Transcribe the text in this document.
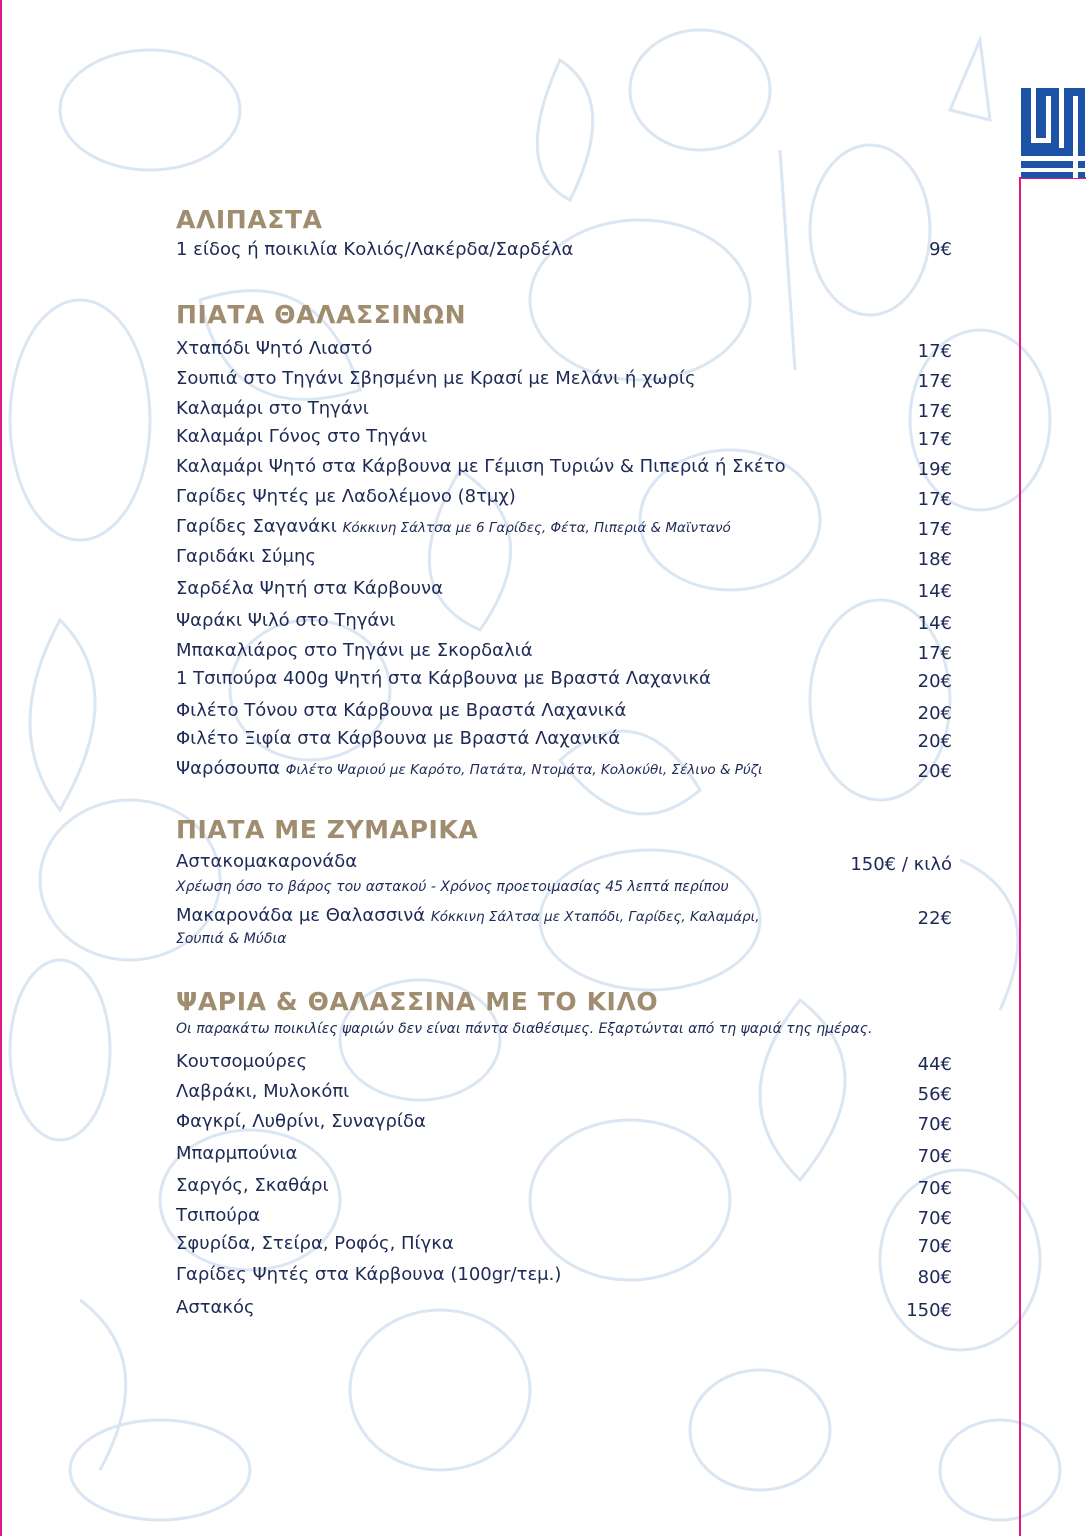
ΑΛΙΠΑΣΤΑ
1 είδος ή ποικιλία Κολιός/Λακέρδα/Σαρδέλα	9€
ΠΙΑΤΑ ΘΑΛΑΣΣΙΝΩΝ
Χταπόδι Ψητό Λιαστό	17€
Σουπιά στο Τηγάνι Σβησμένη με Κρασί με Μελάνι ή χωρίς	17€
Καλαμάρι στο Τηγάνι	17€
Καλαμάρι Γόνος στο Τηγάνι	17€
Καλαμάρι Ψητό στα Κάρβουνα με Γέμιση Τυριών & Πιπεριά ή Σκέτο	19€
Γαρίδες Ψητές με Λαδολέμονο (8τμχ)	17€
Γαρίδες Σαγανάκι Κόκκινη Σάλτσα με 6 Γαρίδες, Φέτα, Πιπεριά & Μαϊντανό	17€
Γαριδάκι Σύμης	18€
Σαρδέλα Ψητή στα Κάρβουνα	14€
Ψαράκι Ψιλό στο Τηγάνι	14€
Μπακαλιάρος στο Τηγάνι με Σκορδαλιά	17€
1 Τσιπούρα 400g Ψητή στα Κάρβουνα με Βραστά Λαχανικά	20€
Φιλέτο Τόνου στα Κάρβουνα με Βραστά Λαχανικά	20€
Φιλέτο Ξιφία στα Κάρβουνα με Βραστά Λαχανικά	20€
Ψαρόσουπα Φιλέτο Ψαριού με Καρότο, Πατάτα, Ντομάτα, Κολοκύθι, Σέλινο & Ρύζι	20€
ΠΙΑΤΑ ΜΕ ΖΥΜΑΡΙΚΑ
Αστακομακαρονάδα	150€ / κιλό
Χρέωση όσο το βάρος του αστακού - Χρόνος προετοιμασίας 45 λεπτά περίπου
Μακαρονάδα με Θαλασσινά Κόκκινη Σάλτσα με Χταπόδι, Γαρίδες, Καλαμάρι,	22€
Σουπιά & Μύδια
ΨΑΡΙΑ & ΘΑΛΑΣΣΙΝΑ ΜΕ ΤΟ ΚΙΛΟ
Οι παρακάτω ποικιλίες ψαριών δεν είναι πάντα διαθέσιμες. Εξαρτώνται από τη ψαριά της ημέρας.
Κουτσομούρες	44€
Λαβράκι, Μυλοκόπι	56€
Φαγκρί, Λυθρίνι, Συναγρίδα	70€
Μπαρμπούνια	70€
Σαργός, Σκαθάρι	70€
Τσιπούρα	70€
Σφυρίδα, Στείρα, Ροφός, Πίγκα	70€
Γαρίδες Ψητές στα Κάρβουνα (100gr/τεμ.)	80€
Αστακός	150€
